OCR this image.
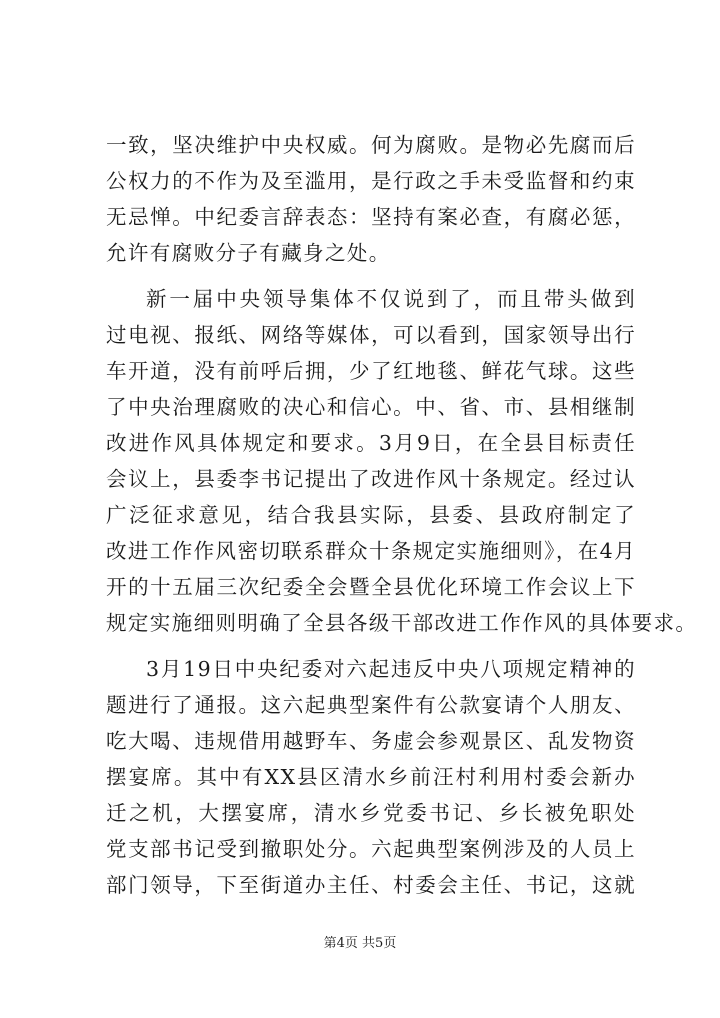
一致，坚决维护中央权威。何为腐败。是物必先腐而后
公权力的不作为及至滥用，是行政之手未受监督和约束
无忌惮。中纪委言辞表态：坚持有案必查，有腐必惩，
允许有腐败分子有藏身之处。
新一届中央领导集体不仅说到了，而且带头做到
过电视、报纸、网络等媒体，可以看到，国家领导出行
车开道，没有前呼后拥，少了红地毯、鲜花气球。这些
了中央治理腐败的决心和信心。中、省、市、县相继制
改进作风具体规定和要求。3月9日，在全县目标责任
会议上，县委李书记提出了改进作风十条规定。经过认
广泛征求意见，结合我县实际，县委、县政府制定了
改进工作作风密切联系群众十条规定实施细则》，在4月
开的十五届三次纪委全会暨全县优化环境工作会议上下
规定实施细则明确了全县各级干部改进工作作风的具体要求。
3月19日中央纪委对六起违反中央八项规定精神的
题进行了通报。这六起典型案件有公款宴请个人朋友、
吃大喝、违规借用越野车、务虚会参观景区、乱发物资
摆宴席。其中有XX县区清水乡前汪村利用村委会新办
迁之机，大摆宴席，清水乡党委书记、乡长被免职处
党支部书记受到撤职处分。六起典型案例涉及的人员上
部门领导，下至街道办主任、村委会主任、书记，这就
第4页 共5页
